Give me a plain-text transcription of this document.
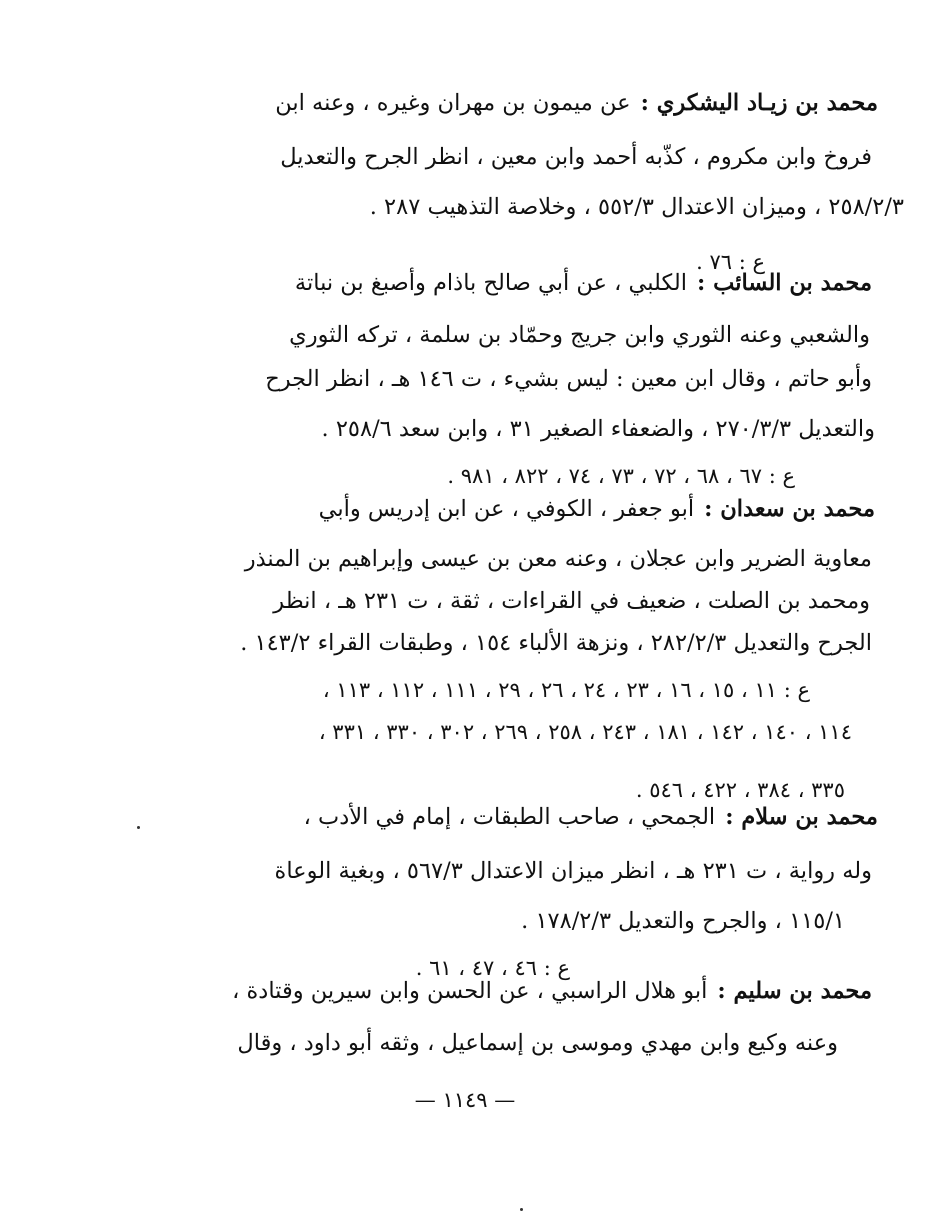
محمد بن زيـاد اليشكري :عن ميمون بن مهران وغيره ، وعنه ابن
فروخ وابن مكروم ، كذّبه أحمد وابن معين ، انظر الجرح والتعديل
٢٥٨/٢/٣ ، وميزان الاعتدال ٥٥٢/٣ ، وخلاصة التذهيب ٢٨٧ .
ع : ٧٦ .
محمد بن السائب :الكلبي ، عن أبي صالح باذام وأصبغ بن نباتة
والشعبي وعنه الثوري وابن جريج وحمّاد بن سلمة ، تركه الثوري
وأبو حاتم ، وقال ابن معين : ليس بشيء ، ت ١٤٦ هـ ، انظر الجرح
والتعديل ٢٧٠/٣/٣ ، والضعفاء الصغير ٣١ ، وابن سعد ٢٥٨/٦ .
ع : ٦٧ ، ٦٨ ، ٧٢ ، ٧٣ ، ٧٤ ، ٨٢٢ ، ٩٨١ .
محمد بن سعدان :أبو جعفر ، الكوفي ، عن ابن إدريس وأبي
معاوية الضرير وابن عجلان ، وعنه معن بن عيسى وإبراهيم بن المنذر
ومحمد بن الصلت ، ضعيف في القراءات ، ثقة ، ت ٢٣١ هـ ، انظر
الجرح والتعديل ٢٨٢/٢/٣ ، ونزهة الألباء ١٥٤ ، وطبقات القراء ١٤٣/٢ .
ع : ١١ ، ١٥ ، ١٦ ، ٢٣ ، ٢٤ ، ٢٦ ، ٢٩ ، ١١١ ، ١١٢ ، ١١٣ ،
١١٤ ، ١٤٠ ، ١٤٢ ، ١٨١ ، ٢٤٣ ، ٢٥٨ ، ٢٦٩ ، ٣٠٢ ، ٣٣٠ ، ٣٣١ ،
٣٣٥ ، ٣٨٤ ، ٤٢٢ ، ٥٤٦ .
محمد بن سلام :الجمحي ، صاحب الطبقات ، إمام في الأدب ،
وله رواية ، ت ٢٣١ هـ ، انظر ميزان الاعتدال ٥٦٧/٣ ، وبغية الوعاة
١١٥/١ ، والجرح والتعديل ١٧٨/٢/٣ .
ع : ٤٦ ، ٤٧ ، ٦١ .
محمد بن سليم :أبو هلال الراسبي ، عن الحسن وابن سيرين وقتادة ،
وعنه وكيع وابن مهدي وموسى بن إسماعيل ، وثقه أبو داود ، وقال
— ١١٤٩ —
